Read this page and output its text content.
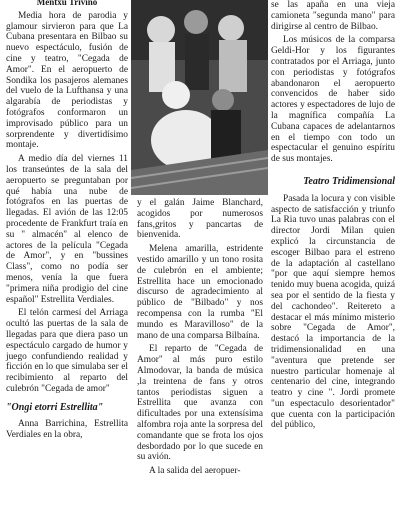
Mentxu Triviño

Media hora de parodia y glamour sirvieron para que La Cubana presentara en Bilbao su nuevo espectáculo, fusión de cine y teatro, "Cegada de Amor". En el aeropuerto de Sondika los pasajeros alemanes del vuelo de la Lufthansa y una algarabía de periodistas y fotógrafos conformaron un improvisado público para un sorprendente y divertidísimo montaje.

A medio día del viernes 11 los transeúntes de la sala del aeropuerto se preguntaban por qué había una nube de fotógrafos en las puertas de llegadas. El avión de las 12:05 procedente de Frankfurt traía en su " almacén" al elenco de actores de la película "Cegada de Amor", y en "bussines Class", como no podía ser menos, venía la que fuera "primera niña prodigio del cine español" Estrellita Verdiales.

El telón carmesí del Arriaga ocultó las puertas de la sala de llegadas para que diera paso un espectáculo cargado de humor y juego confundiendo realidad y ficción en lo que simulaba ser el recibimiento al reparto del culebrón "Cegada de amor"

"Ongi etorri Estrellita"

Anna Barrichina, Estrellita Verdiales en la obra,

y el galán Jaime Blanchard, acogidos por numerosos fans,gritos y pancartas de bienvenida.

Melena amarilla, estridente vestido amarillo y un tono rosita de culebrón en el ambiente; Estrellita hace un emocionado discurso de agradecimiento al público de "Bilbado" y nos recompensa con la rumba "El mundo es Maravilloso" de la mano de una comparsa Bilbaína.

El reparto de "Cegada de Amor" al más puro estilo Almodovar, la banda de música ,la treintena de fans y otros tantos periodistas siguen a Estrellita que avanza con dificultades por una extensísima alfombra roja ante la sorpresa del comandante que se frota los ojos desbordado por lo que sucede en su avión.

A la salida del aeropuer-

se las apaña en una vieja camioneta "segunda mano" para dirigirse al centro de Bilbao.

Los músicos de la comparsa Geldi-Hor y los figurantes contratados por el Arriaga, junto con periodistas y fotógrafos abandonaron el aeropuerto convencidos de haber sido actores y espectadores de lujo de la magnífica compañía La Cubana capaces de adelantarnos en el tiempo con todo un espectacular el genuino espíritu de sus montajes.

Teatro Tridimensional

Pasada la locura y con visible aspecto de satisfacción y triunfo La Ria tuvo unas palabras con el director Jordi Milan quien explicó la circunstancia de escoger Bilbao para el estreno de la adaptación al castellano "por que aquí siempre hemos tenido muy buena acogida, quizá sea por el sentido de la fiesta y del cachondeo". Reitereto a destacar el más mínimo misterio sobre "Cegada de Amor", destacó la importancia de la tridimensionalidad en una "aventura que pretende ser nuestro particular homenaje al centenario del cine, integrando teatro y cine ". Jordi promete "un espectaculo desorientador" que cuenta con la participación del público,
